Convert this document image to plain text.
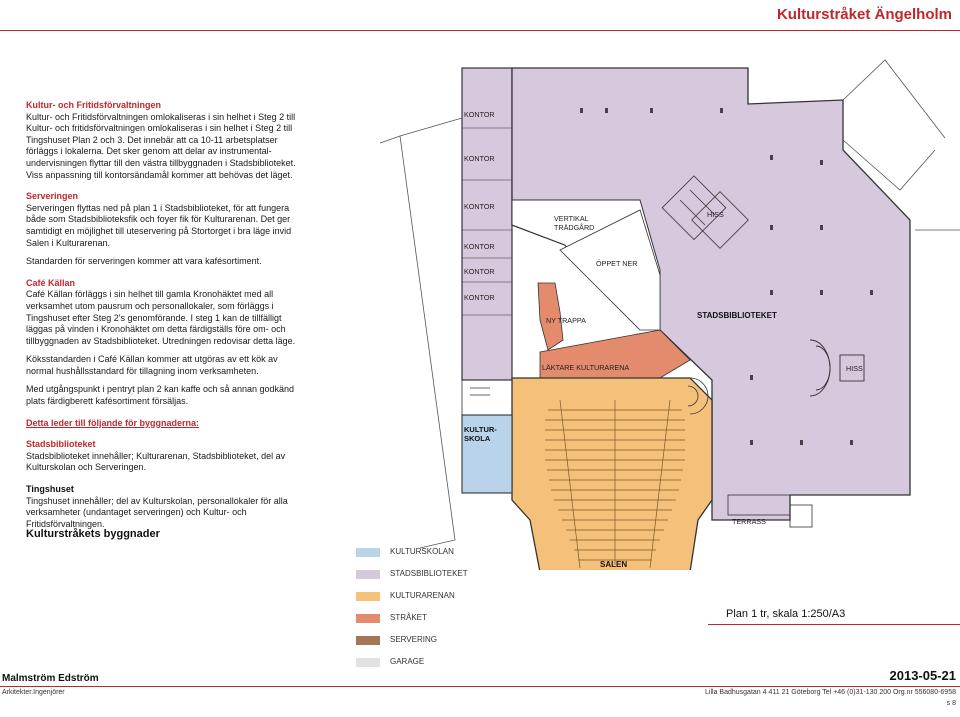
Kulturstråket Ängelholm
Kultur- och Fritidsförvaltningen

Kultur- och Fritidsförvaltningen omlokaliseras i sin helhet i Steg 2 till Kultur- och fritidsförvaltningen omlokaliseras i sin helhet i Steg 2 till Tingshuset Plan 2 och 3. Det innebär att ca 10-11 arbetsplatser förläggs i lokalerna. Det sker genom att delar av instrumental-undervisningen flyttar till den västra tillbyggnaden i Stadsbiblioteket. Viss anpassning till kontorsändamål kommer att behövas det läget.

Serveringen

Serveringen flyttas ned på plan 1 i Stadsbiblioteket, för att fungera både som Stadsbiblioteksfik och foyer fik för Kulturarenan. Det ger samtidigt en möjlighet till uteservering på Stortorget i bra läge invid Salen i Kulturarenan.

Standarden för serveringen kommer att vara kafésortiment.

Café Källan

Café Källan förläggs i sin helhet till gamla Kronohäktet med all verksamhet utom pausrum och personallokaler, som förläggs i Tingshuset efter Steg 2's genomförande. I steg 1 kan de tillfälligt läggas på vinden i Kronohäktet om detta färdigställs före om- och tillbyggnaden av Stadsbiblioteket. Utredningen redovisar detta läge.

Köksstandarden i Café Källan kommer att utgöras av ett kök av normal hushållsstandard för tillagning inom verksamheten.

Med utgångspunkt i pentryt plan 2 kan kaffe och så annan godkänd plats färdigberett kafésortiment försäljas.

Detta leder till följande för byggnaderna:
Stadsbiblioteket

Stadsbiblioteket innehåller; Kulturarenan, Stadsbiblioteket, del av Kulturskolan och Serveringen.

Tingshuset

Tingshuset innehåller; del av Kulturskolan, personallokaler för alla verksamheter (undantaget serveringen) och Kultur- och Fritidsförvaltningen.

Kulturstråkets byggnader
KONTOR
KONTOR
KONTOR
KONTOR
KONTOR
KONTOR
VERTIKAL
TRÄDGÅRD
ÖPPET NER
HISS
HISS
NY TRAPPA
LÄKTARE KULTURARENA
TERRASS
STADSBIBLIOTEKET
KULTUR-
SKOLA
SALEN
KULTURSKOLAN
STADSBIBLIOTEKET
KULTURARENAN
STRÅKET
SERVERING
GARAGE
Plan 1 tr, skala 1:250/A3
Malmström Edström	2013-05-21
Arkitekter.Ingenjörer	Lilla Badhusgatan 4 411 21 Göteborg Tel +46 (0)31-130 200 Org.nr 556080-6958
s 8
